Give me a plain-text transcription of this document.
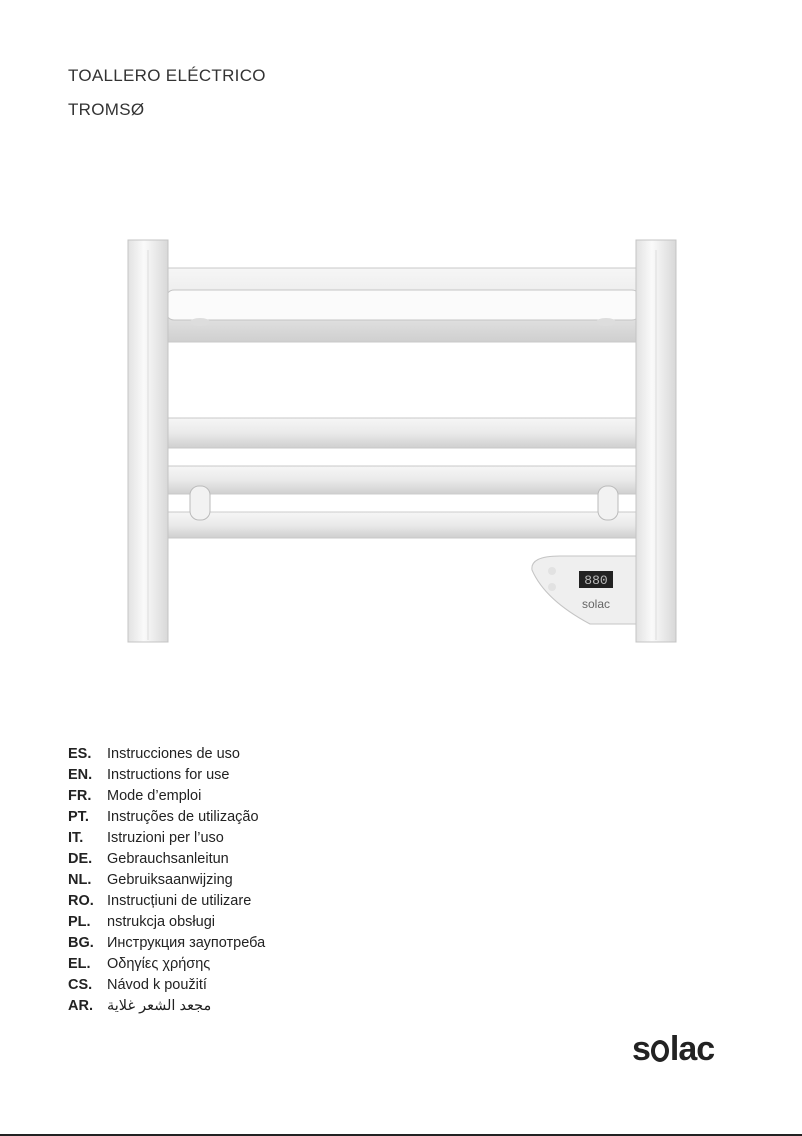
TOALLERO ELÉCTRICO
TROMSØ
880
solac
ES.	Instrucciones de uso
EN.	Instructions for use
FR.	Mode d’emploi
PT.	Instruções de utilização
IT.	Istruzioni per l’uso
DE.	Gebrauchsanleitun
NL.	Gebruiksaanwijzing
RO. Instrucțiuni de utilizare
PL.	nstrukcja obsługi
BG. Инструкция заупотреба
EL.	Οδηγίες χρήσης
CS.	Návod k použití
AR. مجعد الشعر غلاية
s lac
